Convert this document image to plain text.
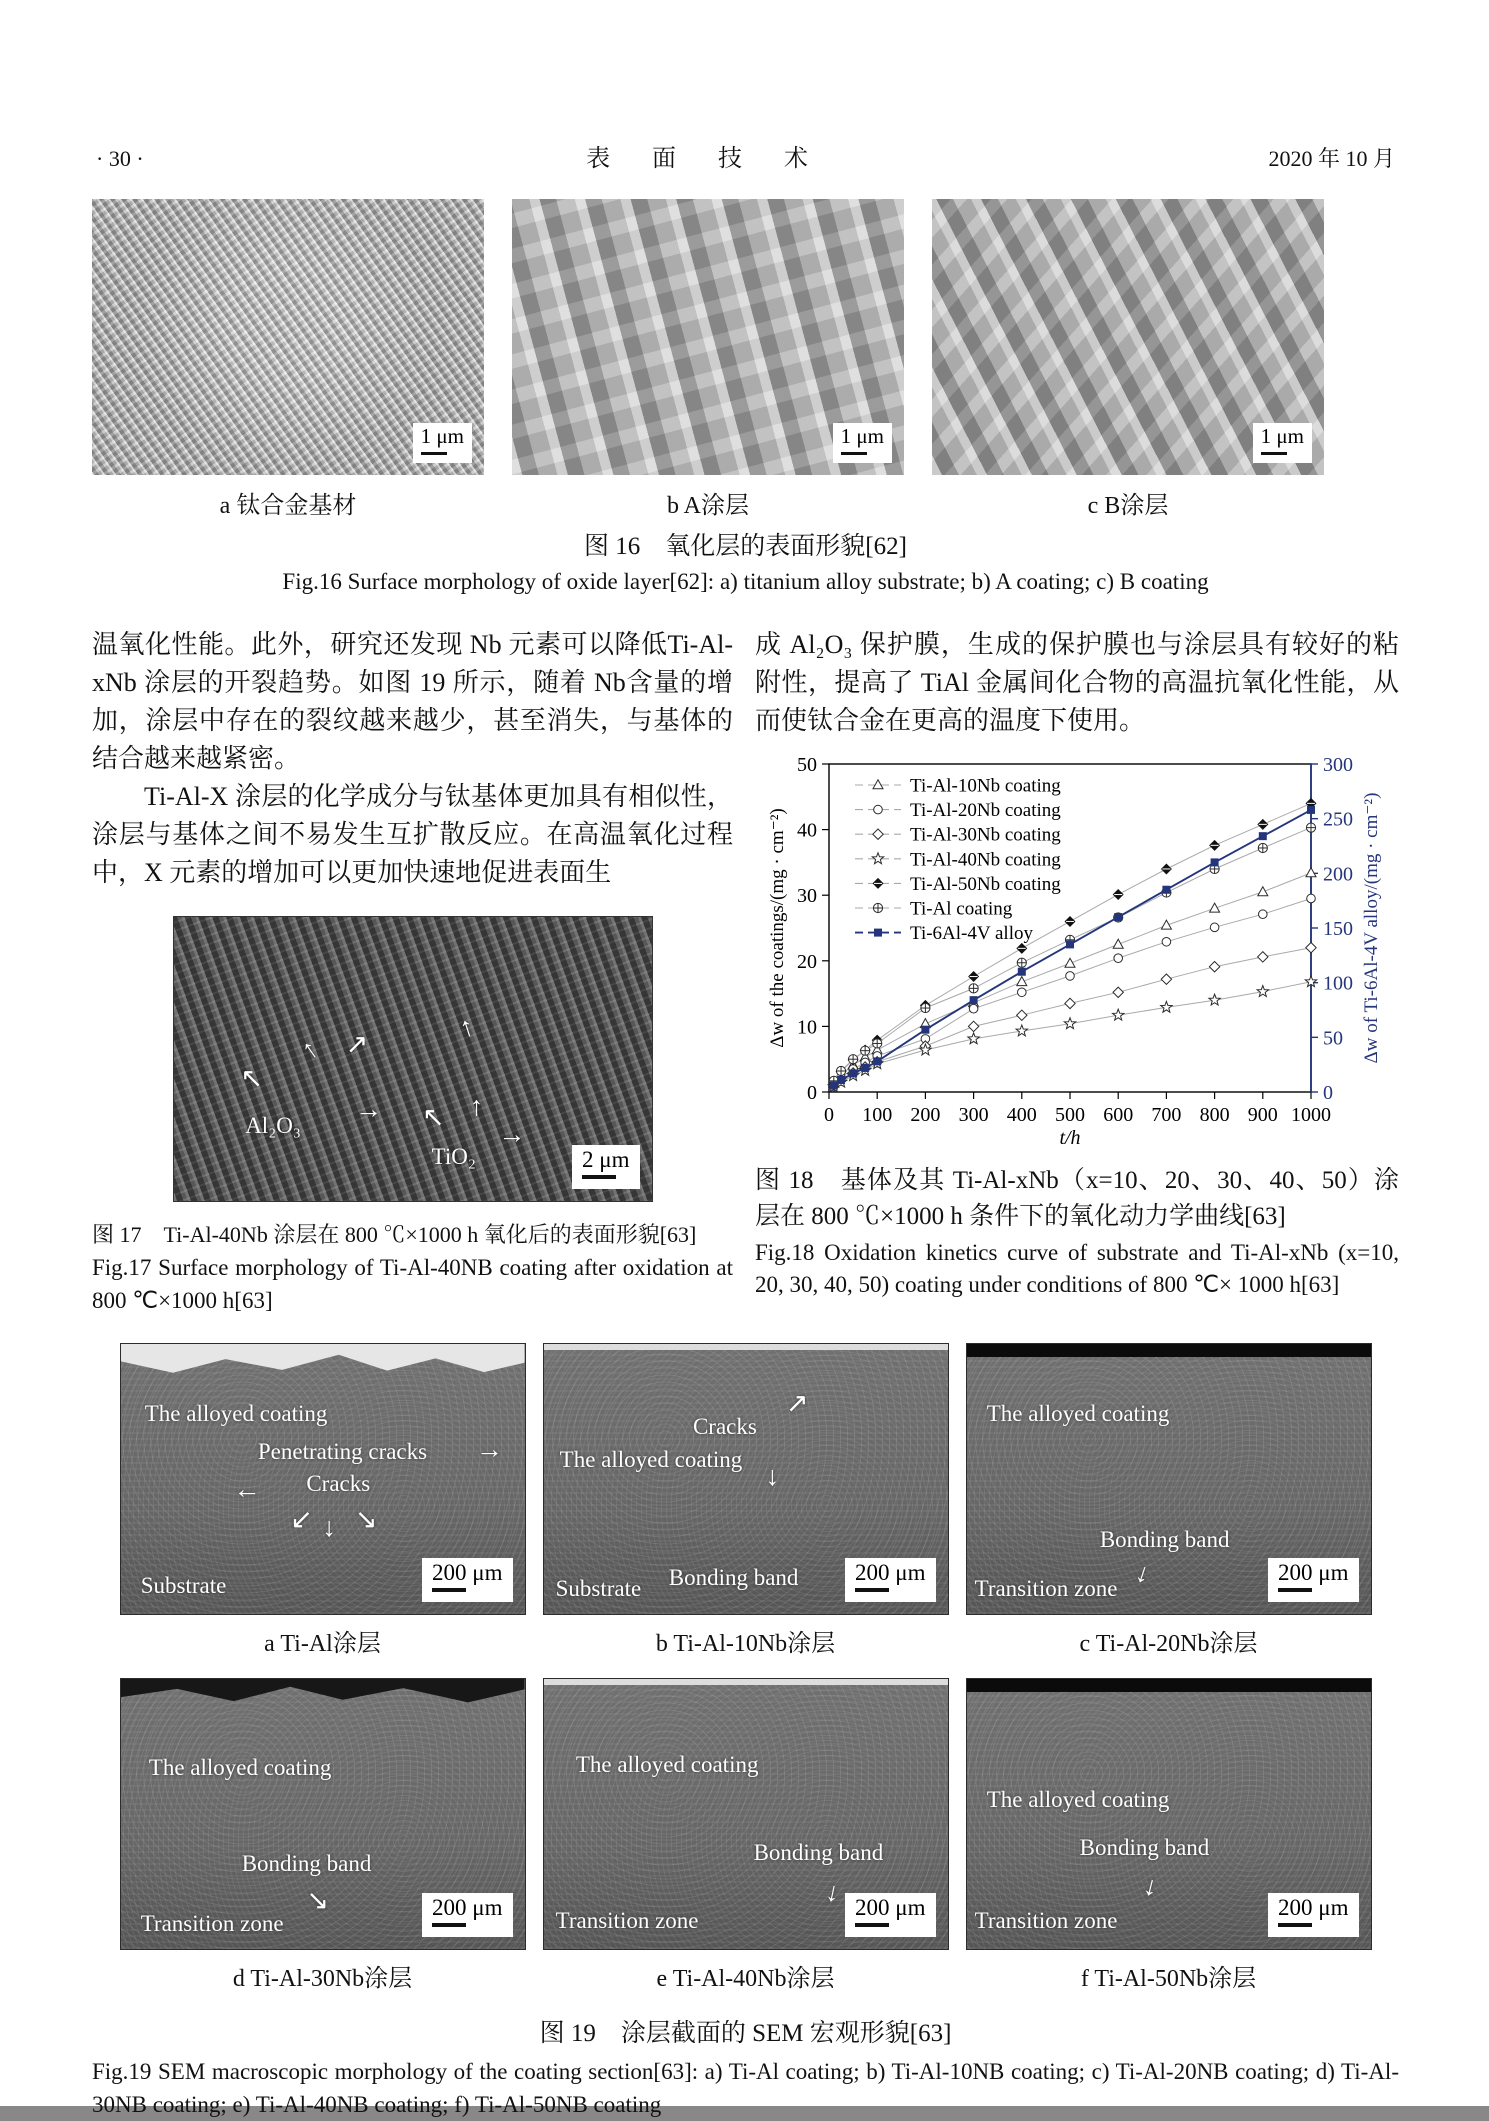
· 30 ·	表 面 技 术	2020 年 10 月
1 μm
a 钛合金基材
1 μm
b A涂层
1 μm
c B涂层
图 16　氧化层的表面形貌[62]
Fig.16 Surface morphology of oxide layer[62]: a) titanium alloy substrate; b) A coating; c) B coating

温氧化性能。此外，研究还发现 Nb 元素可以降低Ti-Al-xNb 涂层的开裂趋势。如图 19 所示，随着 Nb含量的增加，涂层中存在的裂纹越来越少，甚至消失，与基体的结合越来越紧密。

Ti-Al-X 涂层的化学成分与钛基体更加具有相似性，涂层与基体之间不易发生互扩散反应。在高温氧化过程中，X 元素的增加可以更加快速地促进表面生

↑ ↗
↖
→
Al₂O₃
↑
↖ ↑
→
TiO₂	2 μm
图 17　Ti-Al-40Nb 涂层在 800 ℃×1000 h 氧化后的表面形貌[63]
Fig.17 Surface morphology of Ti-Al-40NB coating after oxidation at 800 ℃×1000 h[63]

成 Al₂O₃ 保护膜，生成的保护膜也与涂层具有较好的粘附性，提高了 TiAl 金属间化合物的高温抗氧化性能，从而使钛合金在更高的温度下使用。

0 100 200 300 400 500 600 700 800 900 1000
t/h
0
10
20
30
40
50
Δw of the coatings/(mg · cm⁻²)
0
50
100
150
200
250
300
Δw of Ti-6Al-4V alloy/(mg · cm⁻²)
Ti-Al-10Nb coating
Ti-Al-20Nb coating
Ti-Al-30Nb coating
Ti-Al-40Nb coating
Ti-Al-50Nb coating
Ti-Al coating
Ti-6Al-4V alloy
图 18　基体及其 Ti-Al-xNb（x=10、20、30、40、50）涂层在 800 ℃×1000 h 条件下的氧化动力学曲线[63]
Fig.18 Oxidation kinetics curve of substrate and Ti-Al-xNb (x=10, 20, 30, 40, 50) coating under conditions of 800 ℃× 1000 h[63]
The alloyed coating
Penetrating cracks →
← Cracks
↙ ↓ ↘
Substrate
200 μm
a Ti-Al涂层
Cracks
↗
↓
The alloyed coating
Substrate Bonding band	200 μm
b Ti-Al-10Nb涂层
The alloyed coating
Bonding band
↓
Transition zone
200 μm
c Ti-Al-20Nb涂层
The alloyed coating
Bonding band
↘
Transition zone
200 μm
d Ti-Al-30Nb涂层
The alloyed coating
Bonding band
↓
Transition zone
200 μm
e Ti-Al-40Nb涂层
The alloyed coating
Bonding band
↓
Transition zone
200 μm
f Ti-Al-50Nb涂层
图 19　涂层截面的 SEM 宏观形貌[63]
Fig.19 SEM macroscopic morphology of the coating section[63]: a) Ti-Al coating; b) Ti-Al-10NB coating; c) Ti-Al-20NB coating; d) Ti-Al-30NB coating; e) Ti-Al-40NB coating; f) Ti-Al-50NB coating
